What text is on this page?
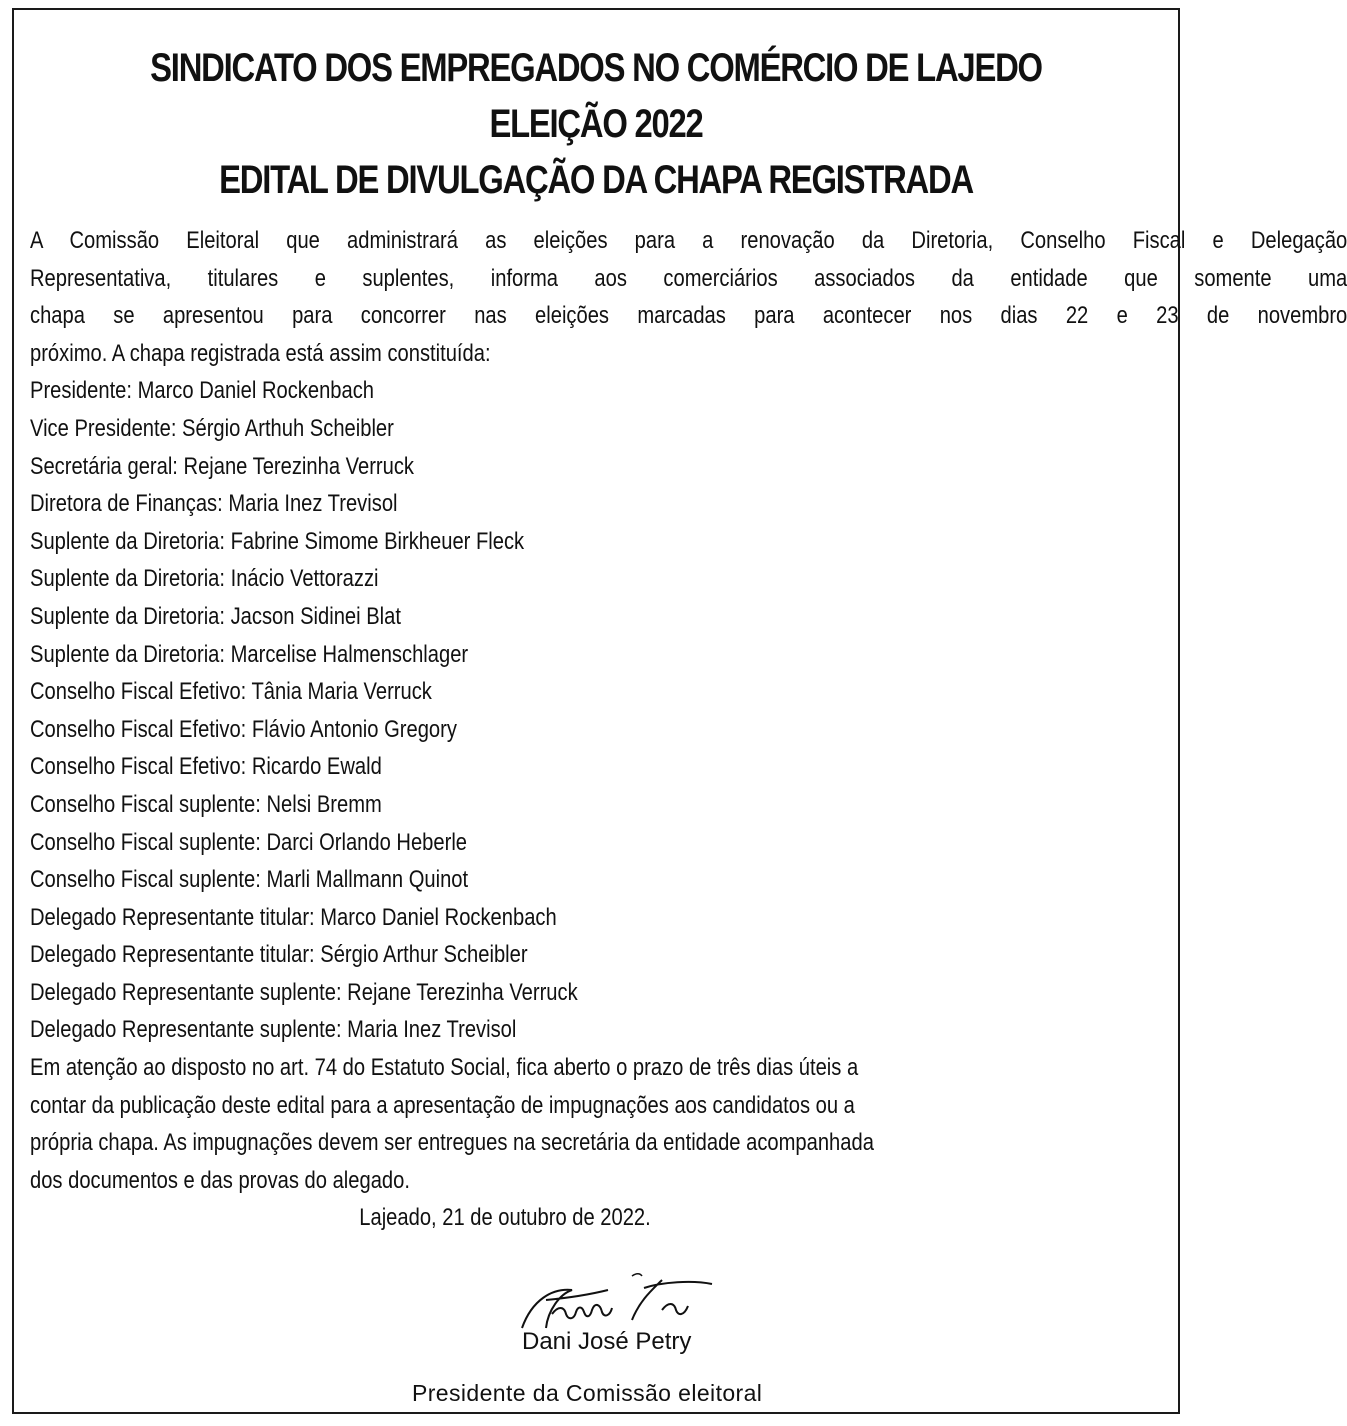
SINDICATO DOS EMPREGADOS NO COMÉRCIO DE LAJEDO
ELEIÇÃO 2022
EDITAL DE DIVULGAÇÃO DA CHAPA REGISTRADA
A Comissão Eleitoral que administrará as eleições para a renovação da Diretoria, Conselho Fiscal e Delegação
Representativa, titulares e suplentes, informa aos comerciários associados da entidade que somente uma
chapa se apresentou para concorrer nas eleições marcadas para acontecer nos dias 22 e 23 de novembro
próximo. A chapa registrada está assim constituída:
Presidente: Marco Daniel Rockenbach
Vice Presidente: Sérgio Arthuh Scheibler
Secretária geral: Rejane Terezinha Verruck
Diretora de Finanças: Maria Inez Trevisol
Suplente da Diretoria: Fabrine Simome Birkheuer Fleck
Suplente da Diretoria: Inácio Vettorazzi
Suplente da Diretoria: Jacson Sidinei Blat
Suplente da Diretoria: Marcelise Halmenschlager
Conselho Fiscal Efetivo: Tânia Maria Verruck
Conselho Fiscal Efetivo: Flávio Antonio Gregory
Conselho Fiscal Efetivo: Ricardo Ewald
Conselho Fiscal suplente: Nelsi Bremm
Conselho Fiscal suplente: Darci Orlando Heberle
Conselho Fiscal suplente: Marli Mallmann Quinot
Delegado Representante titular: Marco Daniel Rockenbach
Delegado Representante titular: Sérgio Arthur Scheibler
Delegado Representante suplente: Rejane Terezinha Verruck
Delegado Representante suplente: Maria Inez Trevisol
Em atenção ao disposto no art. 74 do Estatuto Social, fica aberto o prazo de três dias úteis a
contar da publicação deste edital para a apresentação de impugnações aos candidatos ou a
própria chapa. As impugnações devem ser entregues na secretária da entidade acompanhada
dos documentos e das provas do alegado.
Lajeado, 21 de outubro de 2022.
Dani José Petry
Presidente da Comissão eleitoral
